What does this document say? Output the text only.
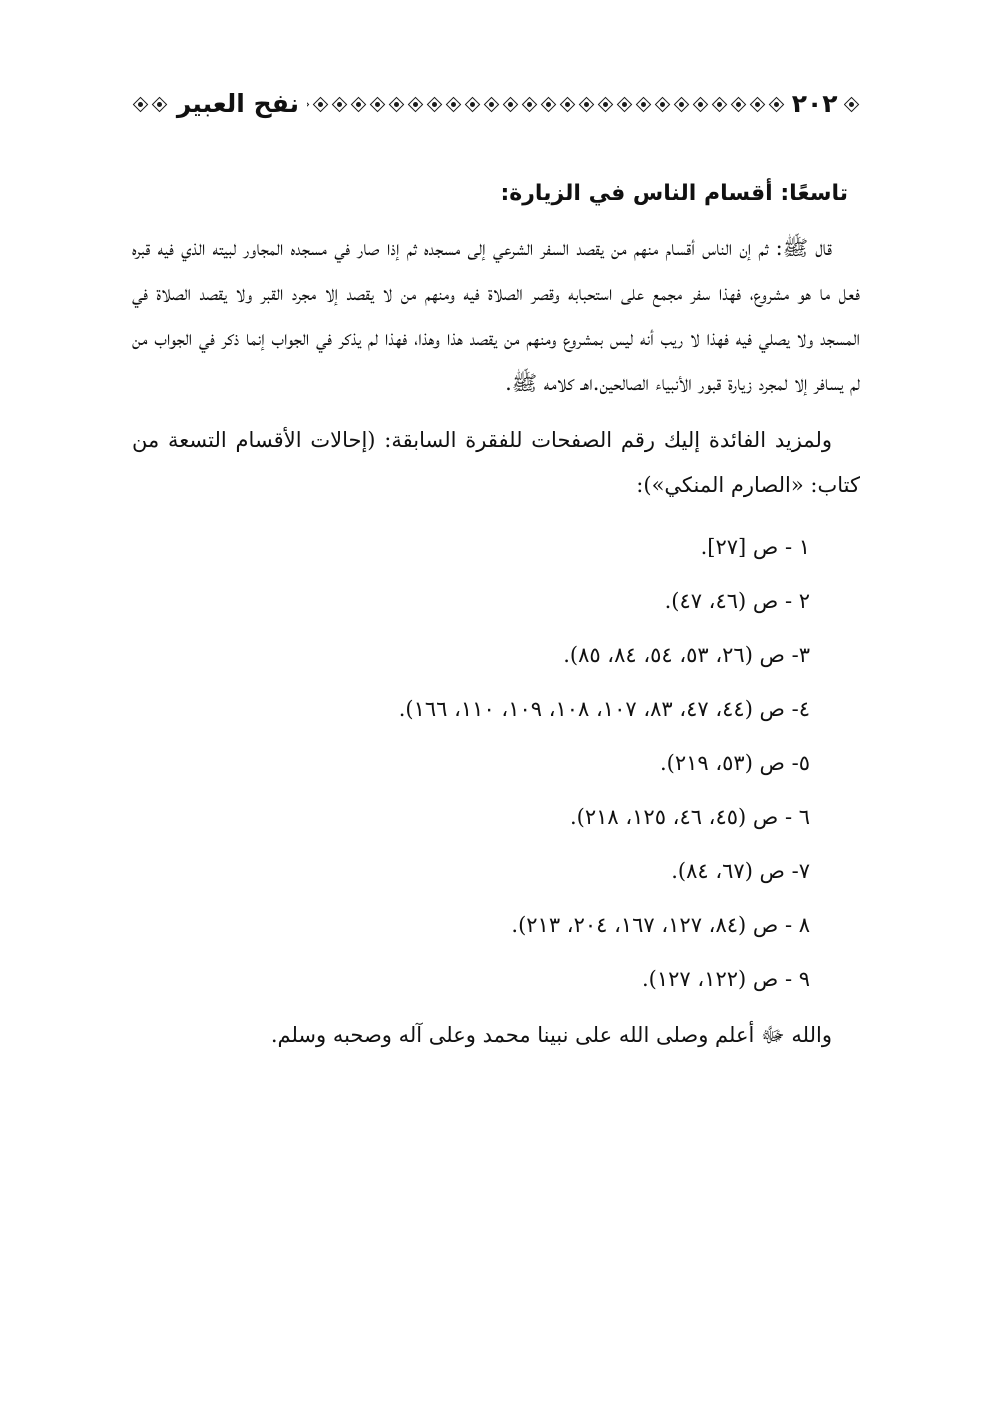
٢٠٢
نفح العبير
تاسعًا: أقسام الناس في الزيارة:

قال ﷺ: ثم إن الناس أقسام منهم من يقصد السفر الشرعي إلى مسجده ثم إذا صار في مسجده المجاور لبيته الذي فيه قبره فعل ما هو مشروع، فهذا سفر مجمع على استحبابه وقصر الصلاة فيه ومنهم من لا يقصد إلا مجرد القبر ولا يقصد الصلاة في المسجد ولا يصلي فيه فهذا لا ريب أنه ليس بمشروع ومنهم من يقصد هذا وهذا، فهذا لم يذكر في الجواب إنما ذكر في الجواب من لم يسافر إلا لمجرد زيارة قبور الأنبياء الصالحين.اهـ كلامه ﷺ.

ولمزيد الفائدة إليك رقم الصفحات للفقرة السابقة: (إحالات الأقسام التسعة من كتاب: «الصارم المنكي»):

١ - ص [٢٧].
٢ - ص (٤٦، ٤٧).
٣- ص (٢٦، ٥٣، ٥٤، ٨٤، ٨٥).
٤- ص (٤٤، ٤٧، ٨٣، ١٠٧، ١٠٨، ١٠٩، ١١٠، ١٦٦).
٥- ص (٥٣، ٢١٩).
٦ - ص (٤٥، ٤٦، ١٢٥، ٢١٨).
٧- ص (٦٧، ٨٤).
٨ - ص (٨٤، ١٢٧، ١٦٧، ٢٠٤، ٢١٣).
٩ - ص (١٢٢، ١٢٧).
والله ﷻ أعلم وصلى الله على نبينا محمد وعلى آله وصحبه وسلم.
